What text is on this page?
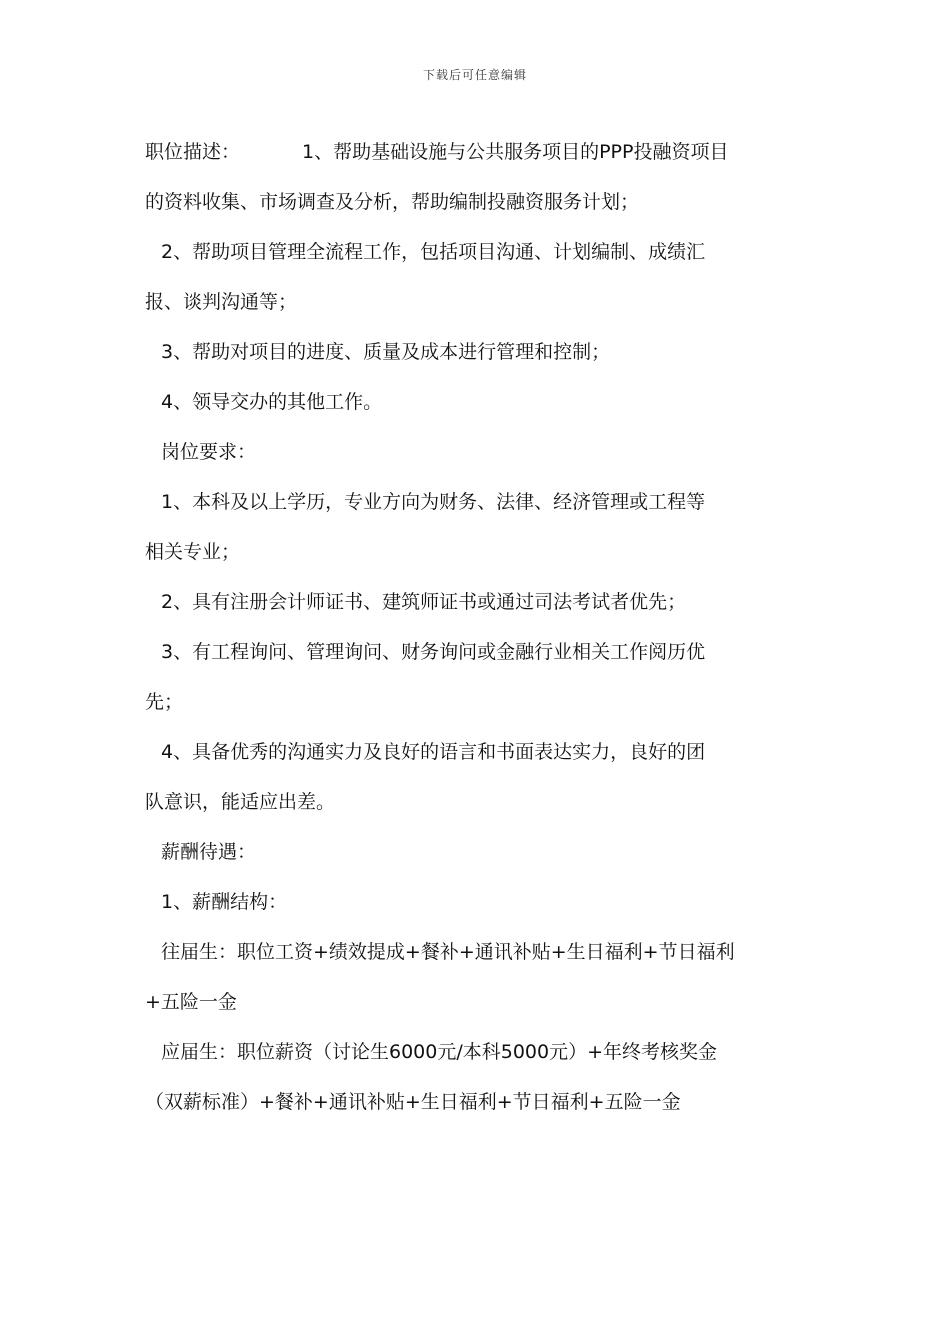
下载后可任意编辑
职位描述：	1、帮助基础设施与公共服务项目的PPP投融资项目
的资料收集、市场调查及分析，帮助编制投融资服务计划；
2、帮助项目管理全流程工作，包括项目沟通、计划编制、成绩汇
报、谈判沟通等；
3、帮助对项目的进度、质量及成本进行管理和控制；
4、领导交办的其他工作。
岗位要求：
1、本科及以上学历，专业方向为财务、法律、经济管理或工程等
相关专业；
2、具有注册会计师证书、建筑师证书或通过司法考试者优先；
3、有工程询问、管理询问、财务询问或金融行业相关工作阅历优
先；
4、具备优秀的沟通实力及良好的语言和书面表达实力，良好的团
队意识，能适应出差。
薪酬待遇：
1、薪酬结构：
往届生：职位工资+绩效提成+餐补+通讯补贴+生日福利+节日福利
+五险一金
应届生：职位薪资（讨论生6000元/本科5000元）+年终考核奖金
（双薪标准）+餐补+通讯补贴+生日福利+节日福利+五险一金
